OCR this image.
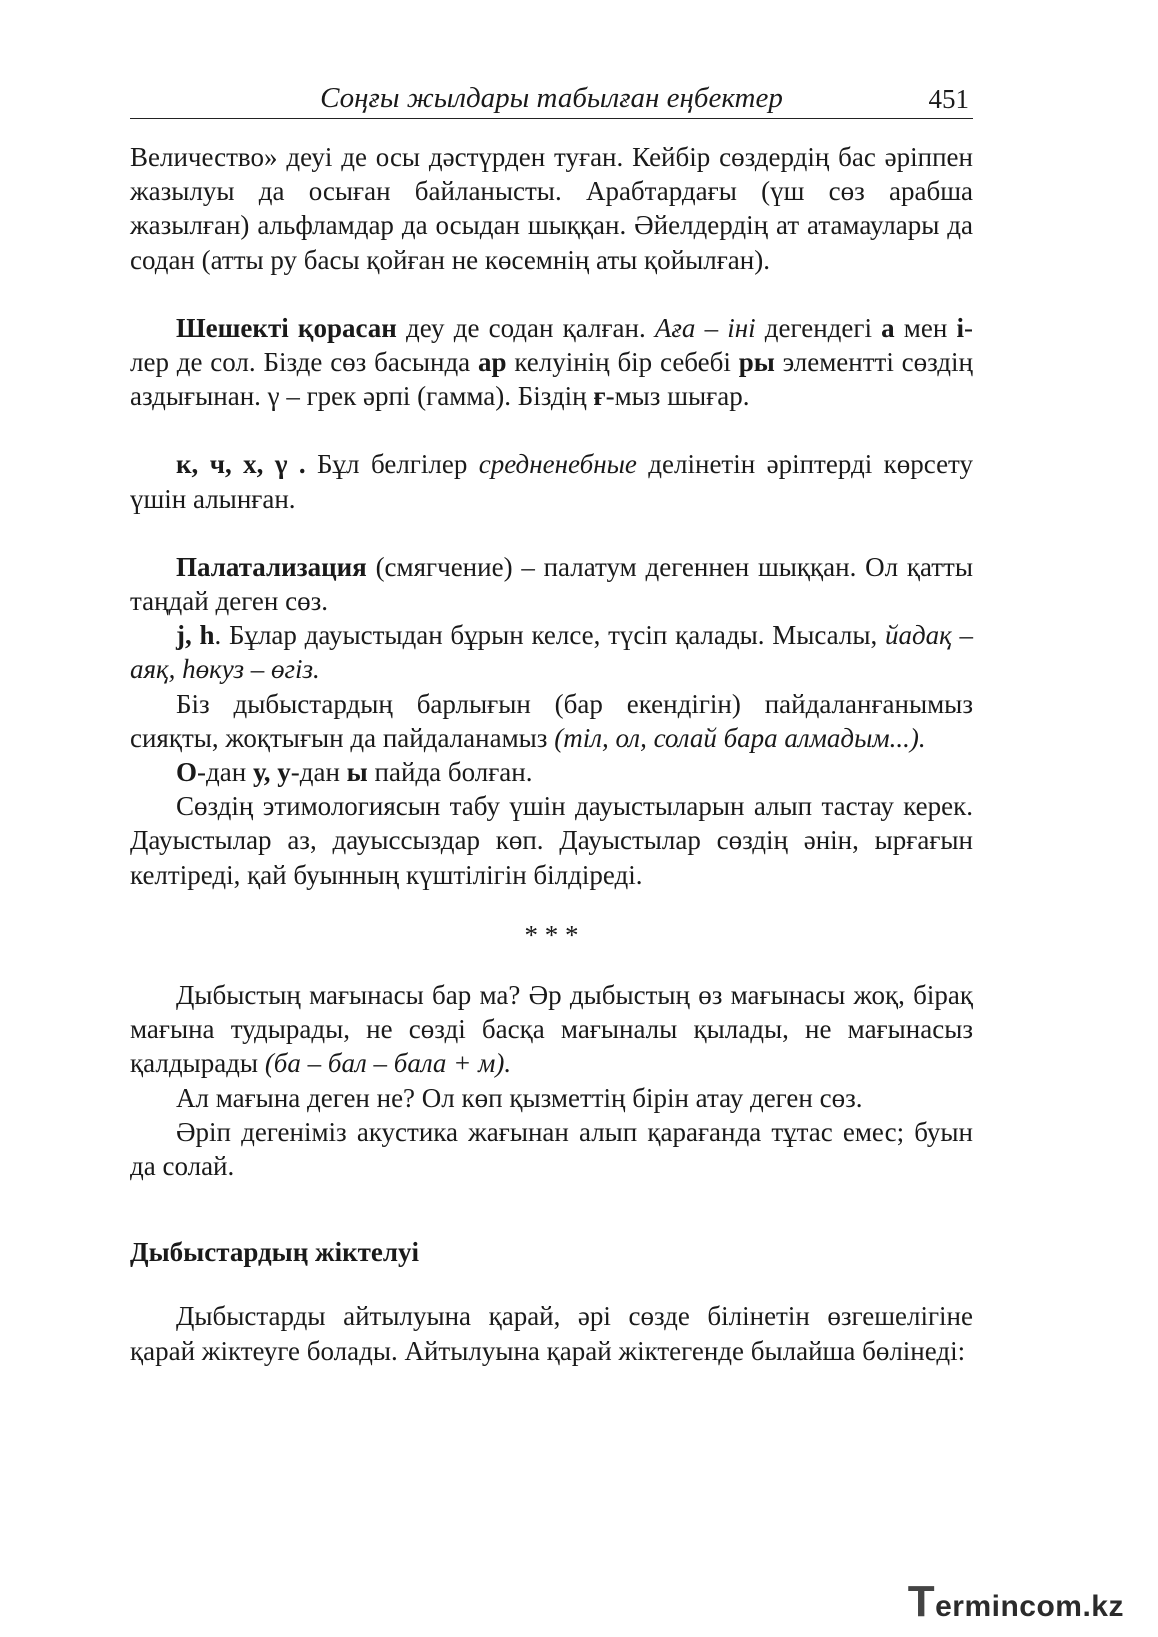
Соңғы жылдары табылған еңбектер	451

Величество» деуі де осы дәстүрден туған. Кейбір сөздердің бас әріппен жазылуы да осыған байланысты. Арабтардағы (үш сөз арабша жазылған) альфламдар да осыдан шыққан. Әйелдердің ат атамаулары да содан (атты ру басы қойған не көсемнің аты қойылған).

Шешекті қорасан деу де содан қалған. Аға – іні дегендегі а мен і-лер де сол. Бізде сөз басында ар келуінің бір себебі ры элементті сөздің аздығынан. γ – грек әрпі (гамма). Біздің ғ-мыз шығар.

к, ч, х, γ . Бұл белгілер средненебные делінетін әріптерді көрсету үшін алынған.

Палатализация (смягчение) – палатум дегеннен шыққан. Ол қатты таңдай деген сөз.

j, h. Бұлар дауыстыдан бұрын келсе, түсіп қалады. Мысалы, йадақ – аяқ, һөкуз – өгіз.

Біз дыбыстардың барлығын (бар екендігін) пайдаланғанымыз сияқты, жоқтығын да пайдаланамыз (тіл, ол, солай бара алмадым...).

О-дан у, у-дан ы пайда болған.

Сөздің этимологиясын табу үшін дауыстыларын алып тастау керек. Дауыстылар аз, дауыссыздар көп. Дауыстылар сөздің әнін, ырғағын келтіреді, қай буынның күштілігін білдіреді.

* * *

Дыбыстың мағынасы бар ма? Әр дыбыстың өз мағынасы жоқ, бірақ мағына тудырады, не сөзді басқа мағыналы қылады, не мағынасыз қалдырады (ба – бал – бала + м).

Ал мағына деген не? Ол көп қызметтің бірін атау деген сөз.

Әріп дегеніміз акустика жағынан алып қарағанда тұтас емес; буын да солай.

Дыбыстардың жіктелуі

Дыбыстарды айтылуына қарай, әрі сөзде білінетін өзгешелігіне қарай жіктеуге болады. Айтылуына қарай жіктегенде былайша бөлінеді:

Termincom.kz
